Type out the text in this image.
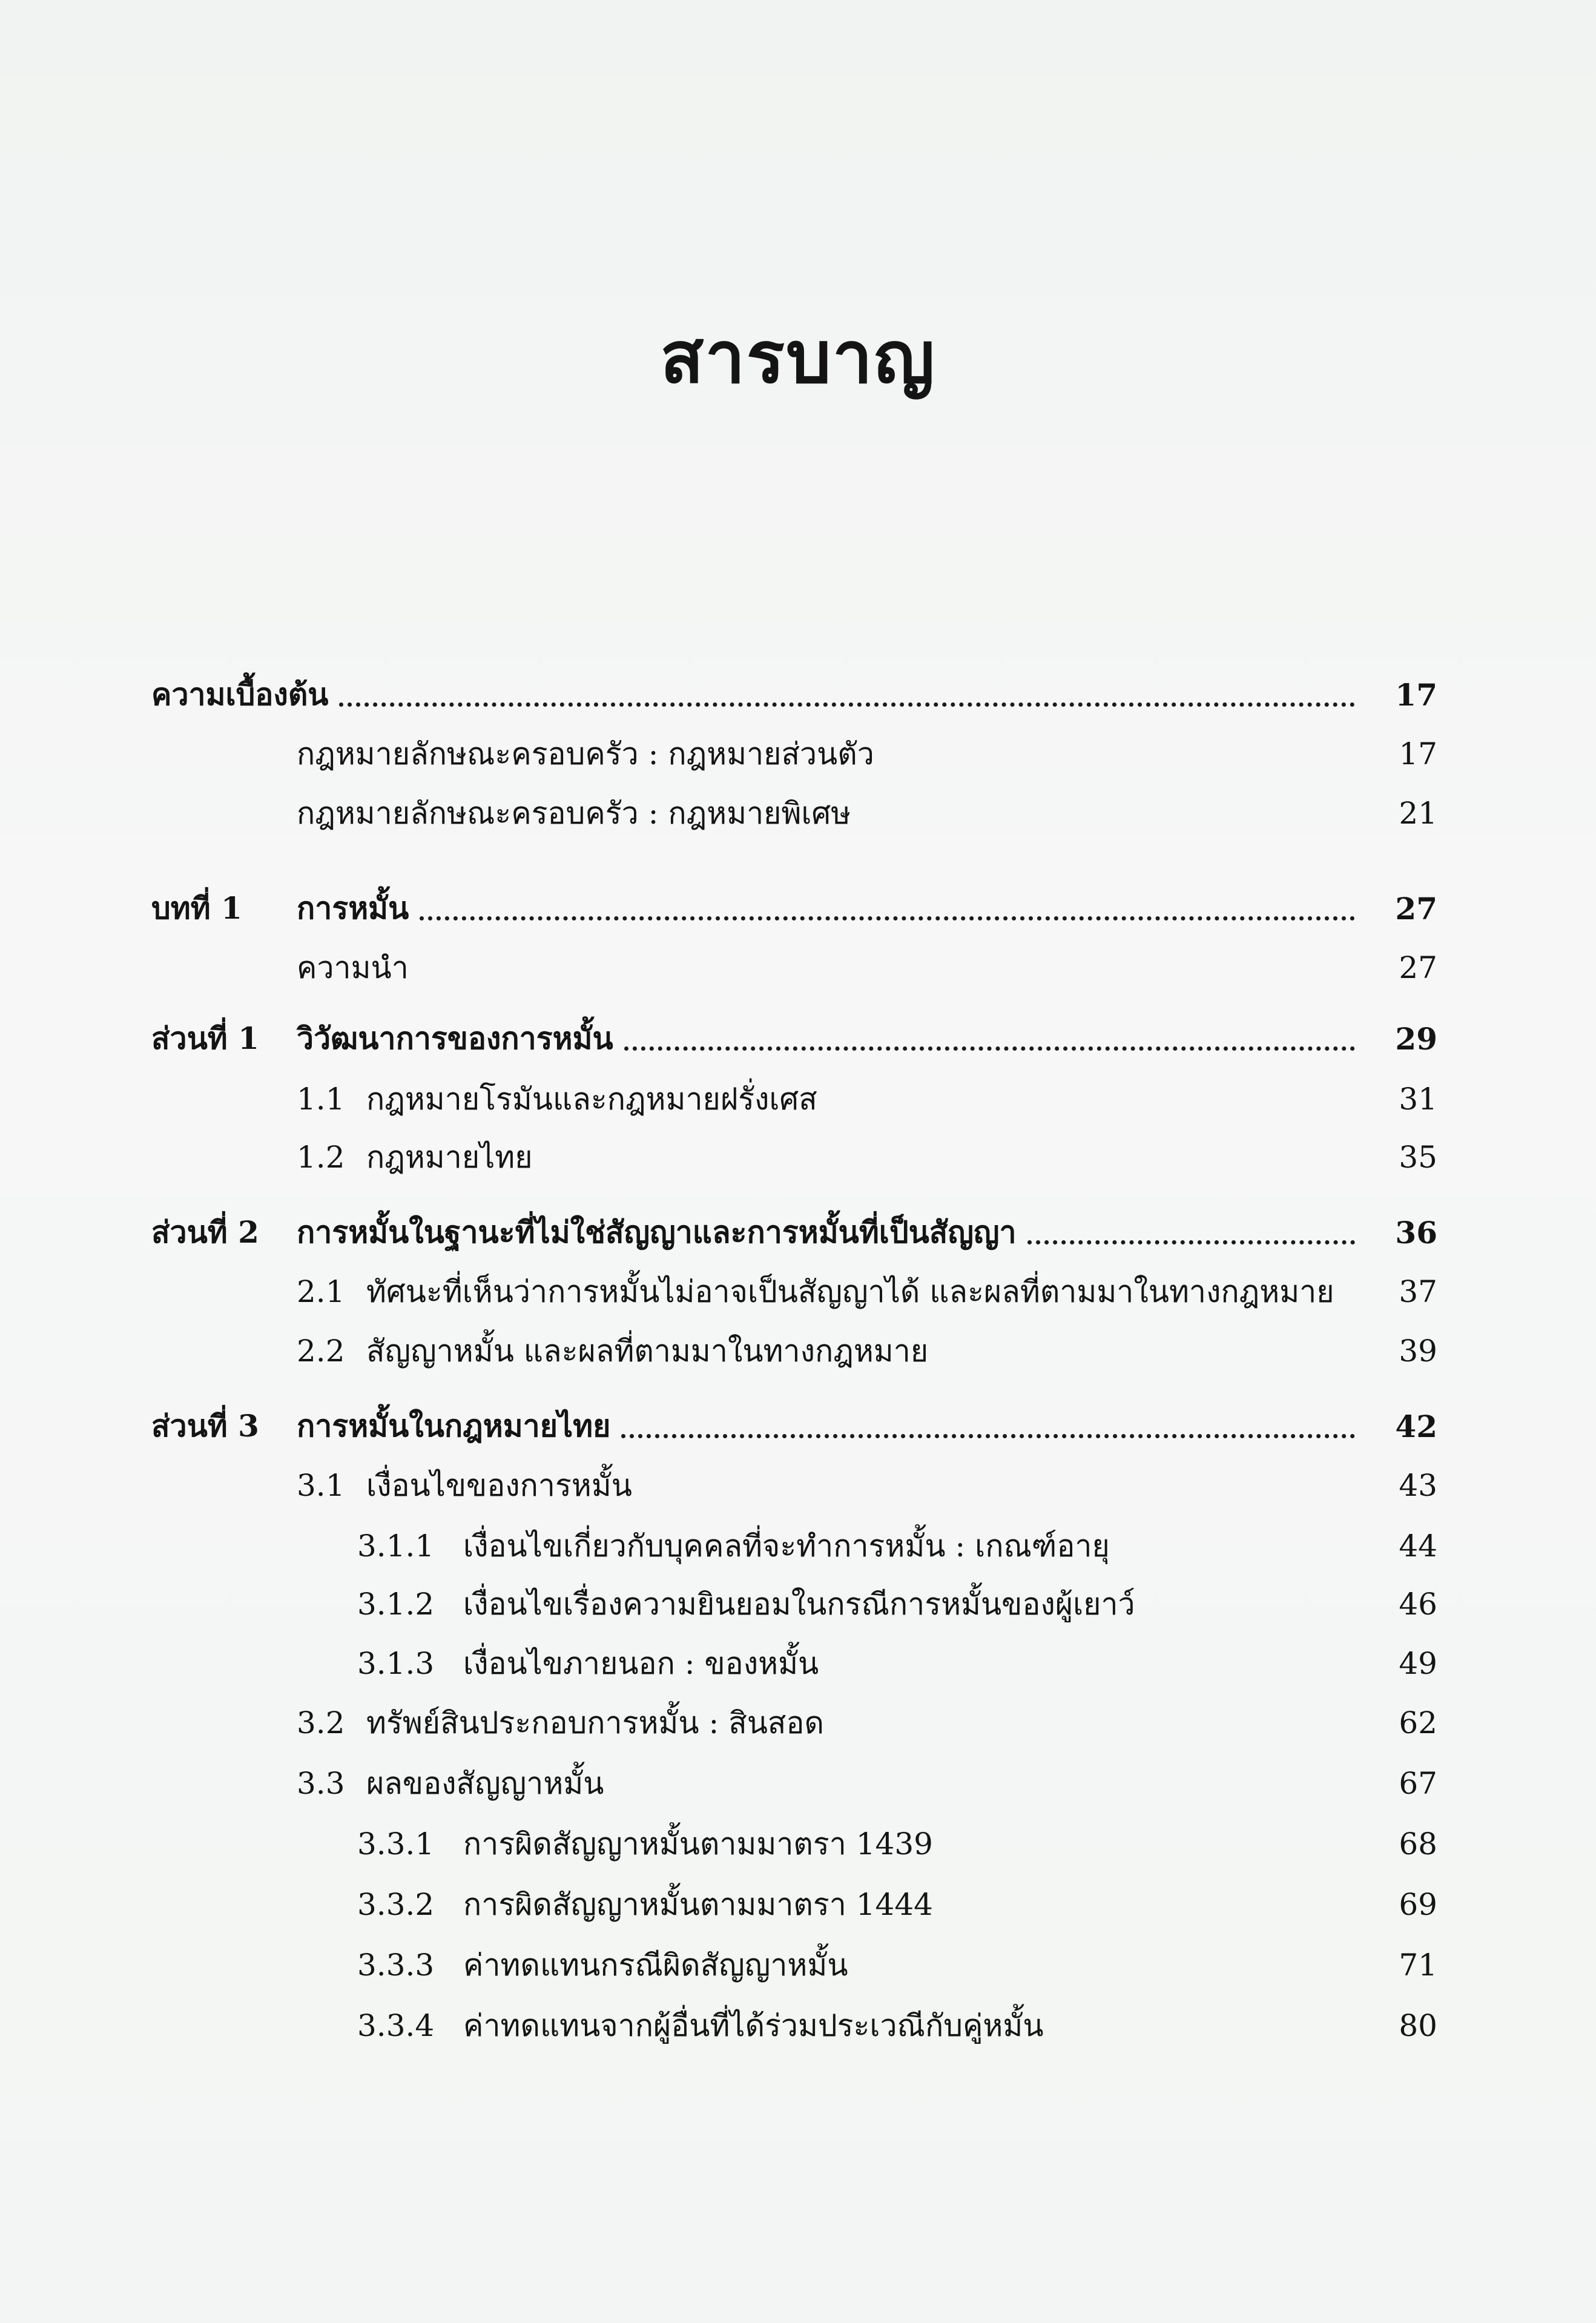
สารบาญ
ความเบื้องต้น	17
กฎหมายลักษณะครอบครัว : กฎหมายส่วนตัว	17
กฎหมายลักษณะครอบครัว : กฎหมายพิเศษ	21
บทที่ 1 การหมั้น	27
ความนำ	27
ส่วนที่ 1 วิวัฒนาการของการหมั้น	29
1.1 กฎหมายโรมันและกฎหมายฝรั่งเศส	31
1.2 กฎหมายไทย	35
ส่วนที่ 2 การหมั้นในฐานะที่ไม่ใช่สัญญาและการหมั้นที่เป็นสัญญา	36
2.1 ทัศนะที่เห็นว่าการหมั้นไม่อาจเป็นสัญญาได้ และผลที่ตามมาในทางกฎหมาย	37
2.2 สัญญาหมั้น และผลที่ตามมาในทางกฎหมาย	39
ส่วนที่ 3 การหมั้นในกฎหมายไทย	42
3.1 เงื่อนไขของการหมั้น	43
3.1.1 เงื่อนไขเกี่ยวกับบุคคลที่จะทำการหมั้น : เกณฑ์อายุ	44
3.1.2 เงื่อนไขเรื่องความยินยอมในกรณีการหมั้นของผู้เยาว์	46
3.1.3 เงื่อนไขภายนอก : ของหมั้น	49
3.2 ทรัพย์สินประกอบการหมั้น : สินสอด	62
3.3 ผลของสัญญาหมั้น	67
3.3.1 การผิดสัญญาหมั้นตามมาตรา 1439	68
3.3.2 การผิดสัญญาหมั้นตามมาตรา 1444	69
3.3.3 ค่าทดแทนกรณีผิดสัญญาหมั้น	71
3.3.4 ค่าทดแทนจากผู้อื่นที่ได้ร่วมประเวณีกับคู่หมั้น	80
